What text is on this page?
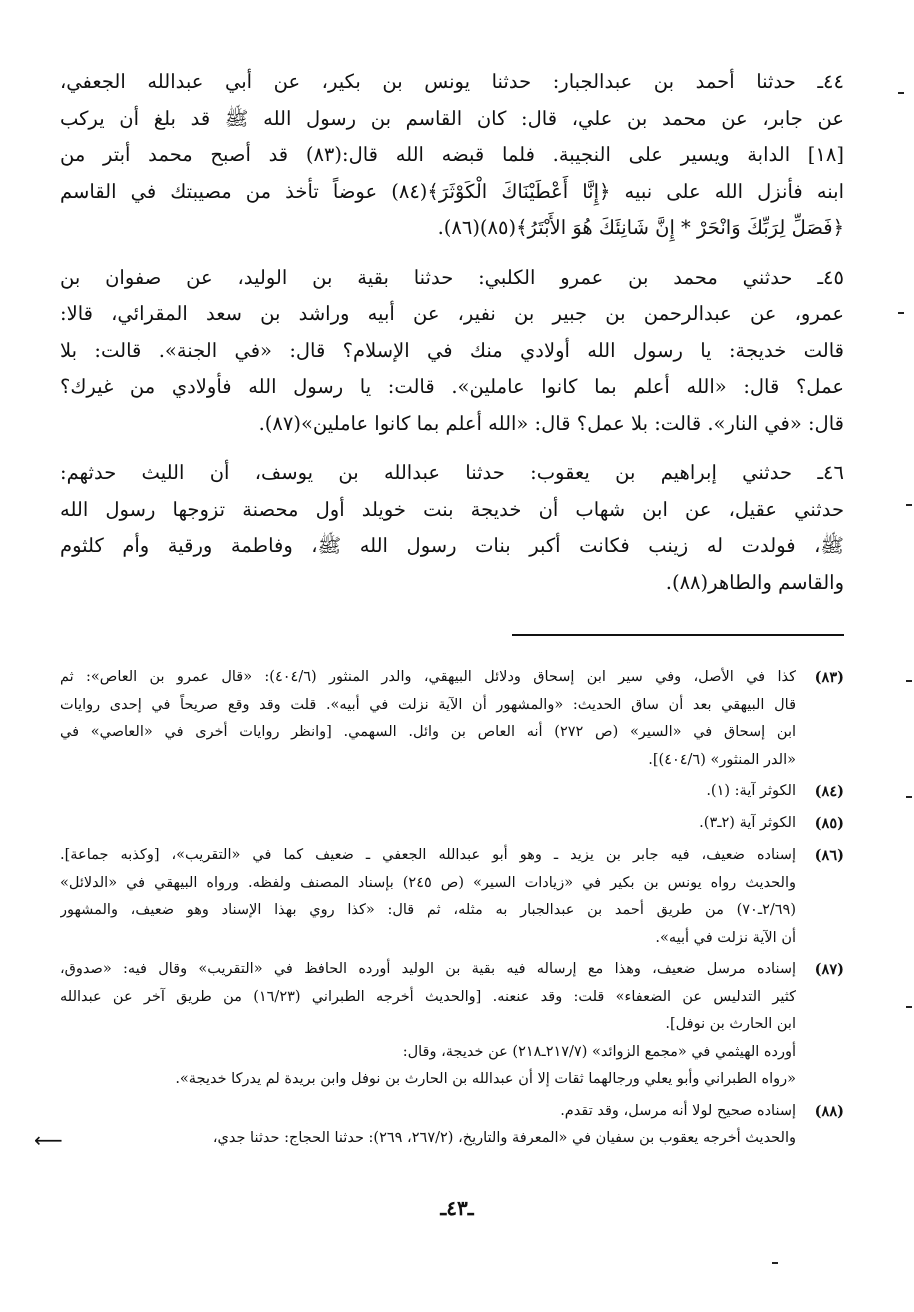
٤٤ـ حدثنا أحمد بن عبدالجبار: حدثنا يونس بن بكير، عن أبي عبدالله الجعفي،
عن جابر، عن محمد بن علي، قال: كان القاسم بن رسول الله ﷺ قد بلغ أن يركب
[١٨] الدابة ويسير على النجيبة. فلما قبضه الله قال:(٨٣) قد أصبح محمد أبتر من
ابنه فأنزل الله على نبيه ﴿إِنَّا أَعْطَيْنَاكَ الْكَوْثَرَ﴾(٨٤) عوضاً تأخذ من مصيبتك في القاسم
﴿فَصَلِّ لِرَبِّكَ وَانْحَرْ * إِنَّ شَانِئَكَ هُوَ الأَبْتَرُ﴾(٨٥)(٨٦).
٤٥ـ حدثني محمد بن عمرو الكلبي: حدثنا بقية بن الوليد، عن صفوان بن
عمرو، عن عبدالرحمن بن جبير بن نفير، عن أبيه وراشد بن سعد المقرائي، قالا:
قالت خديجة: يا رسول الله أولادي منك في الإسلام؟ قال: «في الجنة». قالت: بلا
عمل؟ قال: «الله أعلم بما كانوا عاملين». قالت: يا رسول الله فأولادي من غيرك؟
قال: «في النار». قالت: بلا عمل؟ قال: «الله أعلم بما كانوا عاملين»(٨٧).
٤٦ـ حدثني إبراهيم بن يعقوب: حدثنا عبدالله بن يوسف، أن الليث حدثهم:
حدثني عقيل، عن ابن شهاب أن خديجة بنت خويلد أول محصنة تزوجها رسول الله
ﷺ، فولدت له زينب فكانت أكبر بنات رسول الله ﷺ، وفاطمة ورقية وأم كلثوم
والقاسم والطاهر(٨٨).
(٨٣)
كذا في الأصل، وفي سير ابن إسحاق ودلائل البيهقي، والدر المنثور (٤٠٤/٦): «قال عمرو بن العاص»: ثم
قال البيهقي بعد أن ساق الحديث: «والمشهور أن الآية نزلت في أبيه». قلت وقد وقع صريحاً في إحدى روايات
ابن إسحاق في «السير» (ص ٢٧٢) أنه العاص بن وائل. السهمي. [وانظر روايات أخرى في «العاصي» في
«الدر المنثور» (٤٠٤/٦)].
(٨٤)
الكوثر آية: (١).
(٨٥)
الكوثر آية (٢ـ٣).
(٨٦)
إسناده ضعيف، فيه جابر بن يزيد ـ وهو أبو عبدالله الجعفي ـ ضعيف كما في «التقريب»، [وكذبه جماعة].
والحديث رواه يونس بن بكير في «زيادات السير» (ص ٢٤٥) بإسناد المصنف ولفظه. ورواه البيهقي في «الدلائل»
(٢/٦٩ـ٧٠) من طريق أحمد بن عبدالجبار به مثله، ثم قال: «كذا روي بهذا الإسناد وهو ضعيف، والمشهور
أن الآية نزلت في أبيه».
(٨٧)
إسناده مرسل ضعيف، وهذا مع إرساله فيه بقية بن الوليد أورده الحافظ في «التقريب» وقال فيه: «صدوق،
كثير التدليس عن الضعفاء» قلت: وقد عنعنه. [والحديث أخرجه الطبراني (١٦/٢٣) من طريق آخر عن عبدالله
ابن الحارث بن نوفل].
أورده الهيثمي في «مجمع الزوائد» (٢١٧/٧ـ٢١٨) عن خديجة، وقال:
«رواه الطبراني وأبو يعلي ورجالهما ثقات إلا أن عبدالله بن الحارث بن نوفل وابن بريدة لم يدركا خديجة».
(٨٨)
إسناده صحيح لولا أنه مرسل، وقد تقدم.
والحديث أخرجه يعقوب بن سفيان في «المعرفة والتاريخ، (٢٦٧/٢، ٢٦٩): حدثنا الحجاج: حدثنا جدي،
⟵
ـ٤٣ـ
